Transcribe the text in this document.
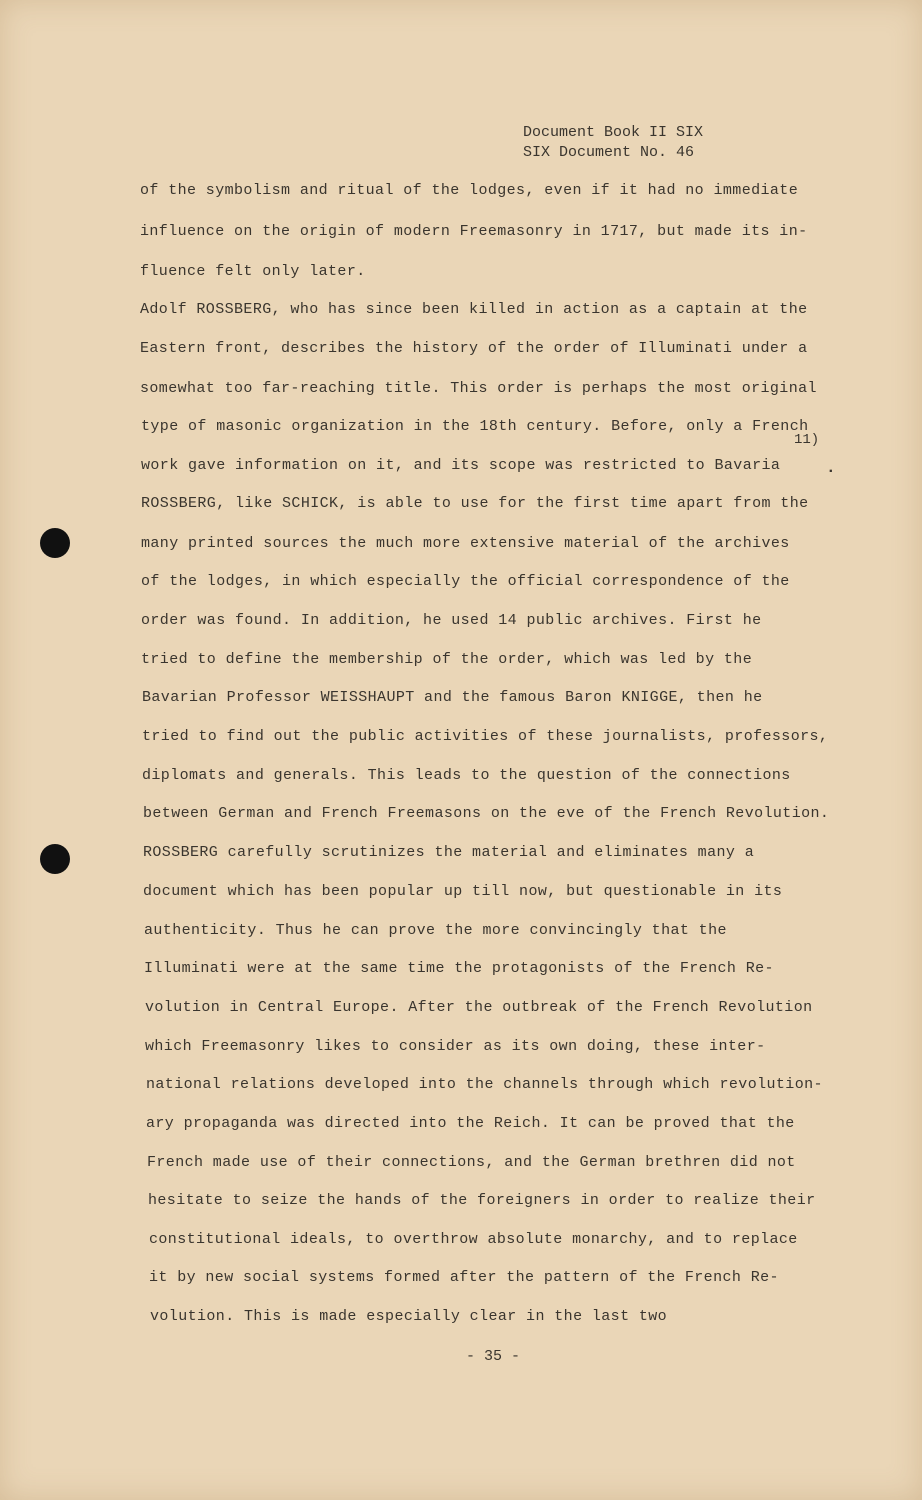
Document Book II SIX
SIX Document No. 46
of the symbolism and ritual of the lodges, even if it had no immediate
influence on the origin of modern Freemasonry in 1717, but made its in-
fluence felt only later.
Adolf ROSSBERG, who has since been killed in action as a captain at the
Eastern front, describes the history of the order of Illuminati under a
somewhat too far-reaching title. This order is perhaps the most original
type of masonic organization in the 18th century. Before, only a French
work gave information on it, and its scope was restricted to Bavaria
ROSSBERG, like SCHICK, is able to use for the first time apart from the
many printed sources the much more extensive material of the archives
of the lodges, in which especially the official correspondence of the
order was found. In addition, he used 14 public archives. First he
tried to define the membership of the order, which was led by the
Bavarian Professor WEISSHAUPT and the famous Baron KNIGGE, then he
tried to find out the public activities of these journalists, professors,
diplomats and generals. This leads to the question of the connections
between German and French Freemasons on the eve of the French Revolution.
ROSSBERG carefully scrutinizes the material and eliminates many a
document which has been popular up till now, but questionable in its
authenticity. Thus he can prove the more convincingly that the
Illuminati were at the same time the protagonists of the French Re-
volution in Central Europe. After the outbreak of the French Revolution
which Freemasonry likes to consider as its own doing, these inter-
national relations developed into the channels through which revolution-
ary propaganda was directed into the Reich. It can be proved that the
French made use of their connections, and the German brethren did not
hesitate to seize the hands of the foreigners in order to realize their
constitutional ideals, to overthrow absolute monarchy, and to replace
it by new social systems formed after the pattern of the French Re-
volution. This is made especially clear in the last two
11)
.
- 35 -
